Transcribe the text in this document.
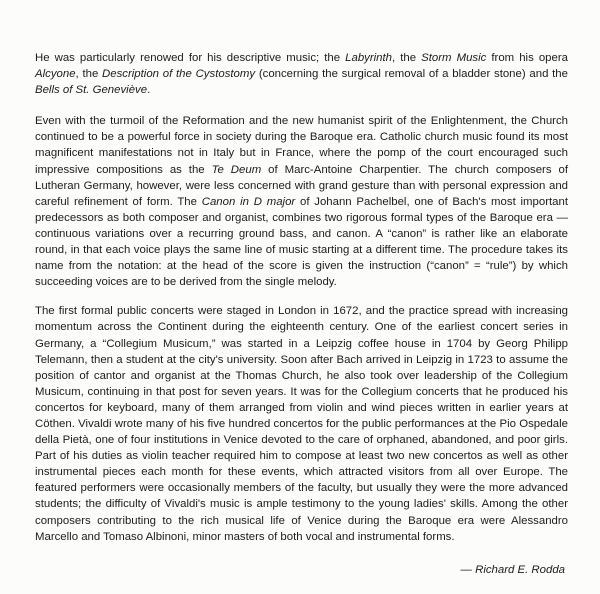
He was particularly renowed for his descriptive music; the Labyrinth, the Storm Music from his opera Alcyone, the Description of the Cystostomy (concerning the surgical removal of a bladder stone) and the Bells of St. Geneviève.

Even with the turmoil of the Reformation and the new humanist spirit of the Enlightenment, the Church continued to be a powerful force in society during the Baroque era. Catholic church music found its most magnificent manifestations not in Italy but in France, where the pomp of the court encouraged such impressive compositions as the Te Deum of Marc-Antoine Charpentier. The church composers of Lutheran Germany, however, were less concerned with grand gesture than with personal expression and careful refinement of form. The Canon in D major of Johann Pachelbel, one of Bach's most important predecessors as both composer and organist, combines two rigorous formal types of the Baroque era — continuous variations over a recurring ground bass, and canon. A “canon” is rather like an elaborate round, in that each voice plays the same line of music starting at a different time. The procedure takes its name from the notation: at the head of the score is given the instruction (“canon” = “rule”) by which succeeding voices are to be derived from the single melody.

The first formal public concerts were staged in London in 1672, and the practice spread with increasing momentum across the Continent during the eighteenth century. One of the earliest concert series in Germany, a “Collegium Musicum,” was started in a Leipzig coffee house in 1704 by Georg Philipp Telemann, then a student at the city's university. Soon after Bach arrived in Leipzig in 1723 to assume the position of cantor and organist at the Thomas Church, he also took over leadership of the Collegium Musicum, continuing in that post for seven years. It was for the Collegium concerts that he produced his concertos for keyboard, many of them arranged from violin and wind pieces written in earlier years at Cöthen. Vivaldi wrote many of his five hundred concertos for the public performances at the Pio Ospedale della Pietà, one of four institutions in Venice devoted to the care of orphaned, abandoned, and poor girls. Part of his duties as violin teacher required him to compose at least two new concertos as well as other instrumental pieces each month for these events, which attracted visitors from all over Europe. The featured performers were occasionally members of the faculty, but usually they were the more advanced students; the difficulty of Vivaldi's music is ample testimony to the young ladies' skills. Among the other composers contributing to the rich musical life of Venice during the Baroque era were Alessandro Marcello and Tomaso Albinoni, minor masters of both vocal and instrumental forms.

— Richard E. Rodda
